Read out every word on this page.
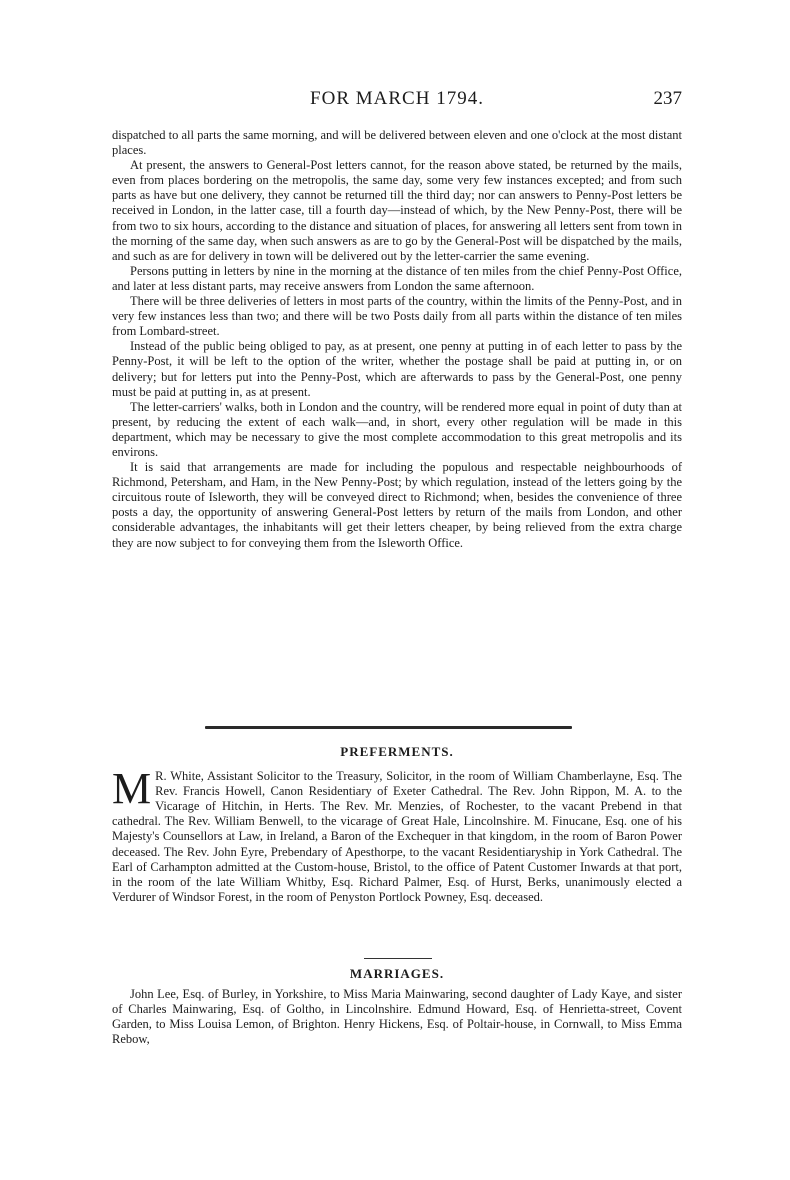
FOR MARCH 1794.	237

dispatched to all parts the same morning, and will be delivered between eleven and one o'clock at the most distant places.

At present, the answers to General-Post letters cannot, for the reason above stated, be returned by the mails, even from places bordering on the metropolis, the same day, some very few instances excepted; and from such parts as have but one delivery, they cannot be returned till the third day; nor can answers to Penny-Post letters be received in London, in the latter case, till a fourth day—instead of which, by the New Penny-Post, there will be from two to six hours, according to the distance and situation of places, for answering all letters sent from town in the morning of the same day, when such answers as are to go by the General-Post will be dispatched by the mails, and such as are for delivery in town will be delivered out by the letter-carrier the same evening.

Persons putting in letters by nine in the morning at the distance of ten miles from the chief Penny-Post Office, and later at less distant parts, may receive answers from London the same afternoon.

There will be three deliveries of letters in most parts of the country, within the limits of the Penny-Post, and in very few instances less than two; and there will be two Posts daily from all parts within the distance of ten miles from Lombard-street.

Instead of the public being obliged to pay, as at present, one penny at putting in of each letter to pass by the Penny-Post, it will be left to the option of the writer, whether the postage shall be paid at putting in, or on delivery; but for letters put into the Penny-Post, which are afterwards to pass by the General-Post, one penny must be paid at putting in, as at present.

The letter-carriers' walks, both in London and the country, will be rendered more equal in point of duty than at present, by reducing the extent of each walk—and, in short, every other regulation will be made in this department, which may be necessary to give the most complete accommodation to this great metropolis and its environs.

It is said that arrangements are made for including the populous and respectable neighbourhoods of Richmond, Petersham, and Ham, in the New Penny-Post; by which regulation, instead of the letters going by the circuitous route of Isleworth, they will be conveyed direct to Richmond; when, besides the convenience of three posts a day, the opportunity of answering General-Post letters by return of the mails from London, and other considerable advantages, the inhabitants will get their letters cheaper, by being relieved from the extra charge they are now subject to for conveying them from the Isleworth Office.

PREFERMENTS.

M R. White, Assistant Solicitor to the Treasury, Solicitor, in the room of William Chamberlayne, Esq. The Rev. Francis Howell, Canon Residentiary of Exeter Cathedral. The Rev. John Rippon, M. A. to the Vicarage of Hitchin, in Herts. The Rev. Mr. Menzies, of Rochester, to the vacant Prebend in that cathedral. The Rev. William Benwell, to the vicarage of Great Hale, Lincolnshire. M. Finucane, Esq. one of his Majesty's Counsellors at Law, in Ireland, a Baron of the Exchequer in that kingdom, in the room of Baron Power deceased. The Rev. John Eyre, Prebendary of Apesthorpe, to the vacant Residentiaryship in York Cathedral. The Earl of Carhampton admitted at the Custom-house, Bristol, to the office of Patent Customer Inwards at that port, in the room of the late William Whitby, Esq. Richard Palmer, Esq. of Hurst, Berks, unanimously elected a Verdurer of Windsor Forest, in the room of Penyston Portlock Powney, Esq. deceased.

MARRIAGES.

John Lee, Esq. of Burley, in Yorkshire, to Miss Maria Mainwaring, second daughter of Lady Kaye, and sister of Charles Mainwaring, Esq. of Goltho, in Lincolnshire. Edmund Howard, Esq. of Henrietta-street, Covent Garden, to Miss Louisa Lemon, of Brighton. Henry Hickens, Esq. of Poltair-house, in Cornwall, to Miss Emma Rebow,
